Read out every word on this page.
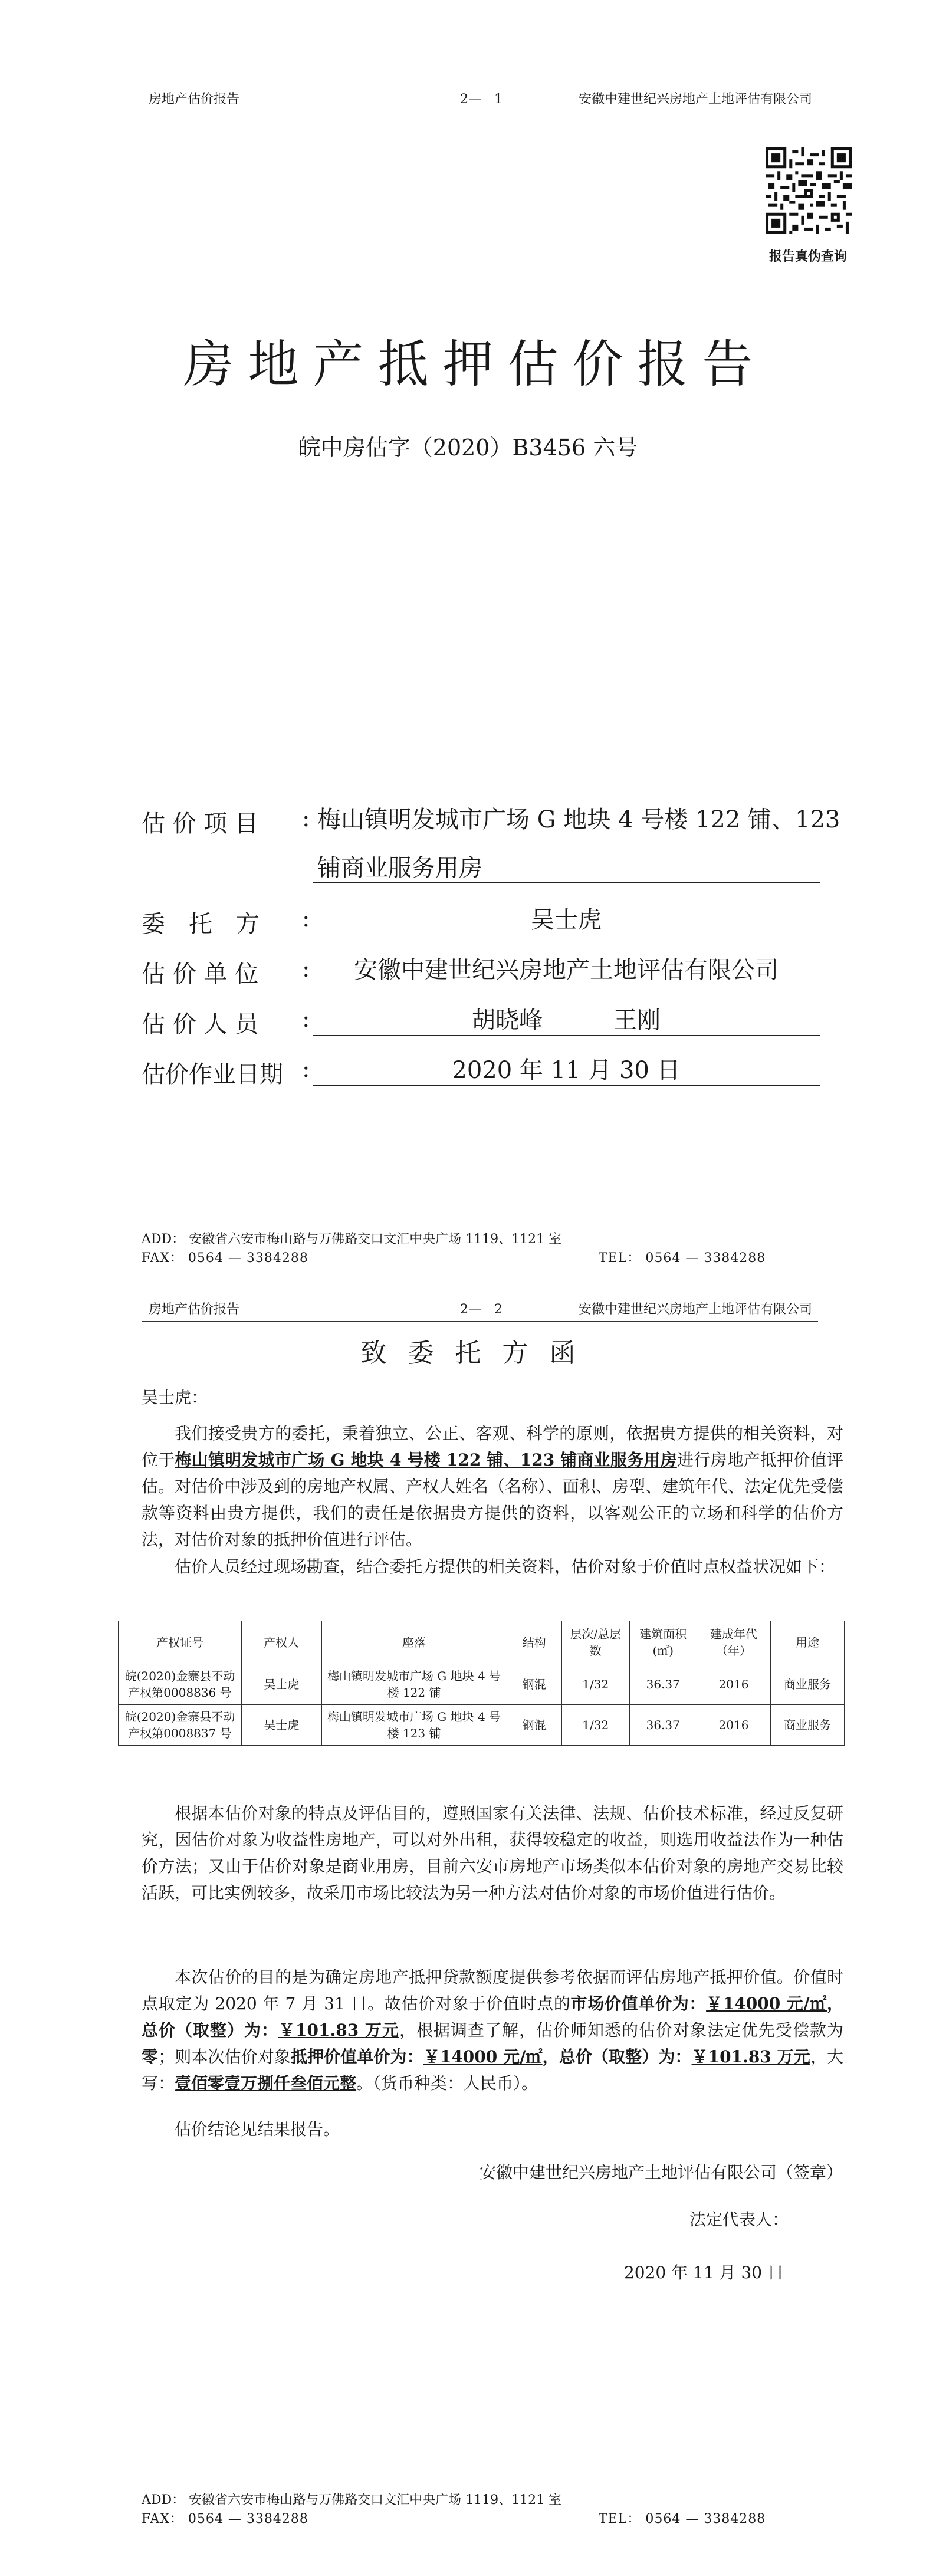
房地产估价报告	2—　1	安徽中建世纪兴房地产土地评估有限公司
报告真伪查询
房地产抵押估价报告
皖中房估字（2020）B3456 六号
估 价 项 目	: 梅山镇明发城市广场 G 地块 4 号楼 122 铺、123
铺商业服务用房
委　托　方	:	吴士虎
估 价 单 位	:	安徽中建世纪兴房地产土地评估有限公司
估 价 人 员	:	胡晓峰　　　王刚
估价作业日期 :	2020 年 11 月 30 日
ADD： 安徽省六安市梅山路与万佛路交口文汇中央广场 1119、1121 室
FAX： 0564 — 3384288	TEL： 0564 — 3384288
房地产估价报告	2—　2	安徽中建世纪兴房地产土地评估有限公司
致委托方函
吴士虎：
我们接受贵方的委托，秉着独立、公正、客观、科学的原则，依据贵方提供的相关资料，对位于梅山镇明发城市广场 G 地块 4 号楼 122 铺、123 铺商业服务用房进行房地产抵押价值评估。对估价中涉及到的房地产权属、产权人姓名（名称）、面积、房型、建筑年代、法定优先受偿款等资料由贵方提供，我们的责任是依据贵方提供的资料，以客观公正的立场和科学的估价方法，对估价对象的抵押价值进行评估。
估价人员经过现场勘查，结合委托方提供的相关资料，估价对象于价值时点权益状况如下：
产权证号	产权人	座落	结构	层次/总层数	建筑面积(㎡)	建成年代（年）	用途
皖(2020)金寨县不动产权第0008836 号	吴士虎	梅山镇明发城市广场 G 地块 4 号楼 122 铺	钢混	1/32	36.37	2016	商业服务
皖(2020)金寨县不动产权第0008837 号	吴士虎	梅山镇明发城市广场 G 地块 4 号楼 123 铺	钢混	1/32	36.37	2016	商业服务
根据本估价对象的特点及评估目的，遵照国家有关法律、法规、估价技术标准，经过反复研究，因估价对象为收益性房地产，可以对外出租，获得较稳定的收益，则选用收益法作为一种估价方法；又由于估价对象是商业用房，目前六安市房地产市场类似本估价对象的房地产交易比较活跃，可比实例较多，故采用市场比较法为另一种方法对估价对象的市场价值进行估价。
本次估价的目的是为确定房地产抵押贷款额度提供参考依据而评估房地产抵押价值。价值时点取定为 2020 年 7 月 31 日。故估价对象于价值时点的市场价值单价为：￥14000 元/㎡，总价（取整）为：￥101.83 万元，根据调查了解，估价师知悉的估价对象法定优先受偿款为零；则本次估价对象抵押价值单价为：￥14000 元/㎡，总价（取整）为：￥101.83 万元，大写：壹佰零壹万捌仟叁佰元整。（货币种类：人民币）。
估价结论见结果报告。
安徽中建世纪兴房地产土地评估有限公司（签章）
法定代表人：
2020 年 11 月 30 日
ADD： 安徽省六安市梅山路与万佛路交口文汇中央广场 1119、1121 室
FAX： 0564 — 3384288	TEL： 0564 — 3384288
